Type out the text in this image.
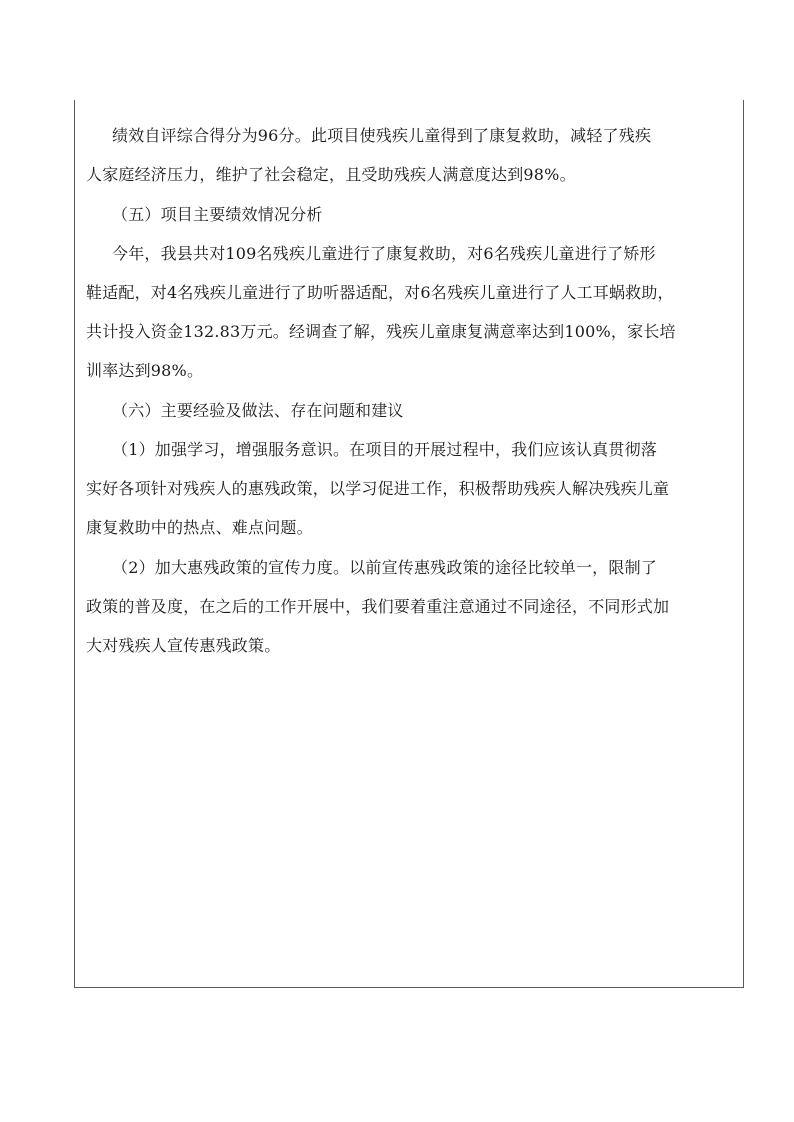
绩效自评综合得分为96分。此项目使残疾儿童得到了康复救助，减轻了残疾
人家庭经济压力，维护了社会稳定，且受助残疾人满意度达到98%。
（五）项目主要绩效情况分析
今年，我县共对109名残疾儿童进行了康复救助，对6名残疾儿童进行了矫形
鞋适配，对4名残疾儿童进行了助听器适配，对6名残疾儿童进行了人工耳蜗救助，
共计投入资金132.83万元。经调查了解，残疾儿童康复满意率达到100%，家长培
训率达到98%。
（六）主要经验及做法、存在问题和建议
（1）加强学习，增强服务意识。在项目的开展过程中，我们应该认真贯彻落
实好各项针对残疾人的惠残政策，以学习促进工作，积极帮助残疾人解决残疾儿童
康复救助中的热点、难点问题。
（2）加大惠残政策的宣传力度。以前宣传惠残政策的途径比较单一，限制了
政策的普及度，在之后的工作开展中，我们要着重注意通过不同途径，不同形式加
大对残疾人宣传惠残政策。
